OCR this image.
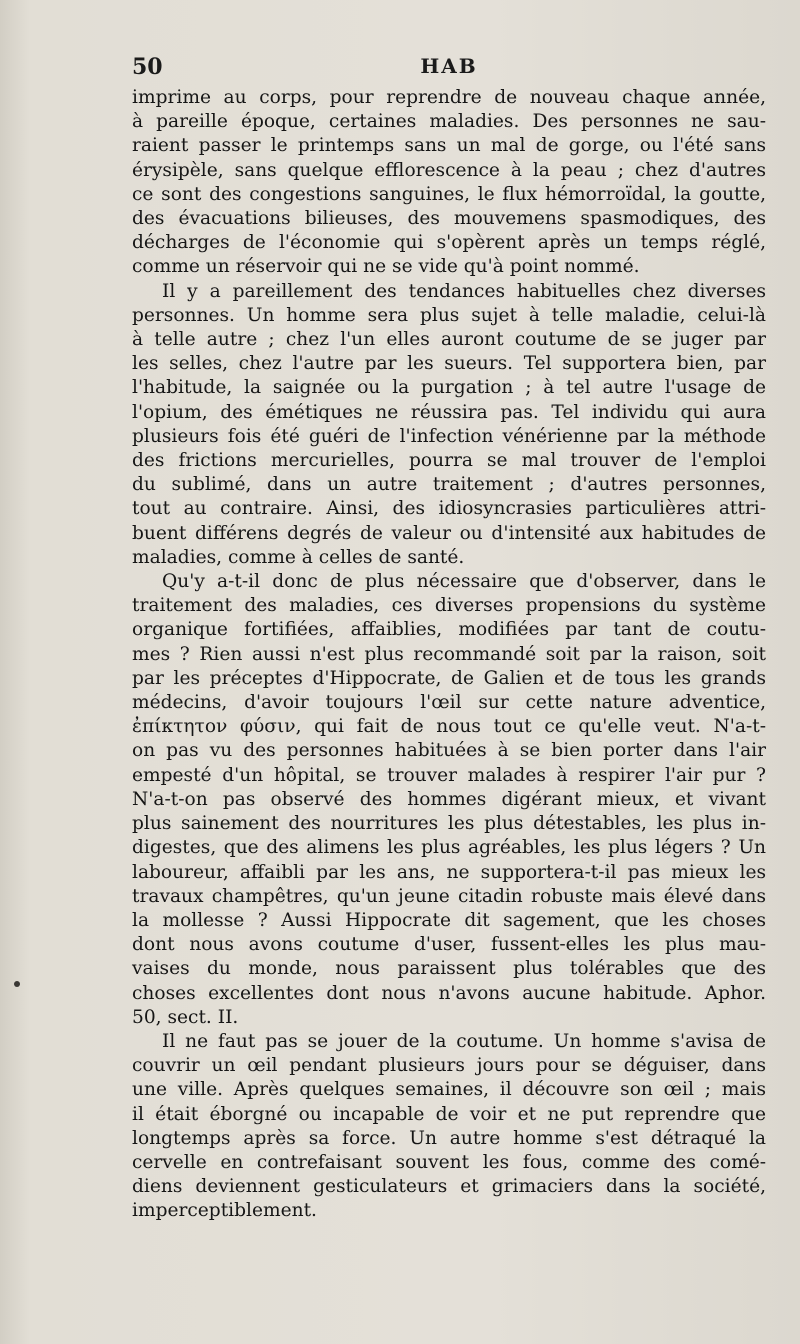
50	HAB
imprime au corps, pour reprendre de nouveau chaque année,
à pareille époque, certaines maladies. Des personnes ne sau-
raient passer le printemps sans un mal de gorge, ou l'été sans
érysipèle, sans quelque efflorescence à la peau ; chez d'autres
ce sont des congestions sanguines, le flux hémorroïdal, la goutte,
des évacuations bilieuses, des mouvemens spasmodiques, des
décharges de l'économie qui s'opèrent après un temps réglé,
comme un réservoir qui ne se vide qu'à point nommé.
Il y a pareillement des tendances habituelles chez diverses
personnes. Un homme sera plus sujet à telle maladie, celui-là
à telle autre ; chez l'un elles auront coutume de se juger par
les selles, chez l'autre par les sueurs. Tel supportera bien, par
l'habitude, la saignée ou la purgation ; à tel autre l'usage de
l'opium, des émétiques ne réussira pas. Tel individu qui aura
plusieurs fois été guéri de l'infection vénérienne par la méthode
des frictions mercurielles, pourra se mal trouver de l'emploi
du sublimé, dans un autre traitement ; d'autres personnes,
tout au contraire. Ainsi, des idiosyncrasies particulières attri-
buent différens degrés de valeur ou d'intensité aux habitudes de
maladies, comme à celles de santé.
Qu'y a-t-il donc de plus nécessaire que d'observer, dans le
traitement des maladies, ces diverses propensions du système
organique fortifiées, affaiblies, modifiées par tant de coutu-
mes ? Rien aussi n'est plus recommandé soit par la raison, soit
par les préceptes d'Hippocrate, de Galien et de tous les grands
médecins, d'avoir toujours l'œil sur cette nature adventice,
ἐπίκτητον φύσιν, qui fait de nous tout ce qu'elle veut. N'a-t-
on pas vu des personnes habituées à se bien porter dans l'air
empesté d'un hôpital, se trouver malades à respirer l'air pur ?
N'a-t-on pas observé des hommes digérant mieux, et vivant
plus sainement des nourritures les plus détestables, les plus in-
digestes, que des alimens les plus agréables, les plus légers ? Un
laboureur, affaibli par les ans, ne supportera-t-il pas mieux les
travaux champêtres, qu'un jeune citadin robuste mais élevé dans
la mollesse ? Aussi Hippocrate dit sagement, que les choses
dont nous avons coutume d'user, fussent-elles les plus mau-
vaises du monde, nous paraissent plus tolérables que des
choses excellentes dont nous n'avons aucune habitude. Aphor.
50, sect. II.
Il ne faut pas se jouer de la coutume. Un homme s'avisa de
couvrir un œil pendant plusieurs jours pour se déguiser, dans
une ville. Après quelques semaines, il découvre son œil ; mais
il était éborgné ou incapable de voir et ne put reprendre que
longtemps après sa force. Un autre homme s'est détraqué la
cervelle en contrefaisant souvent les fous, comme des comé-
diens deviennent gesticulateurs et grimaciers dans la société,
imperceptiblement.
